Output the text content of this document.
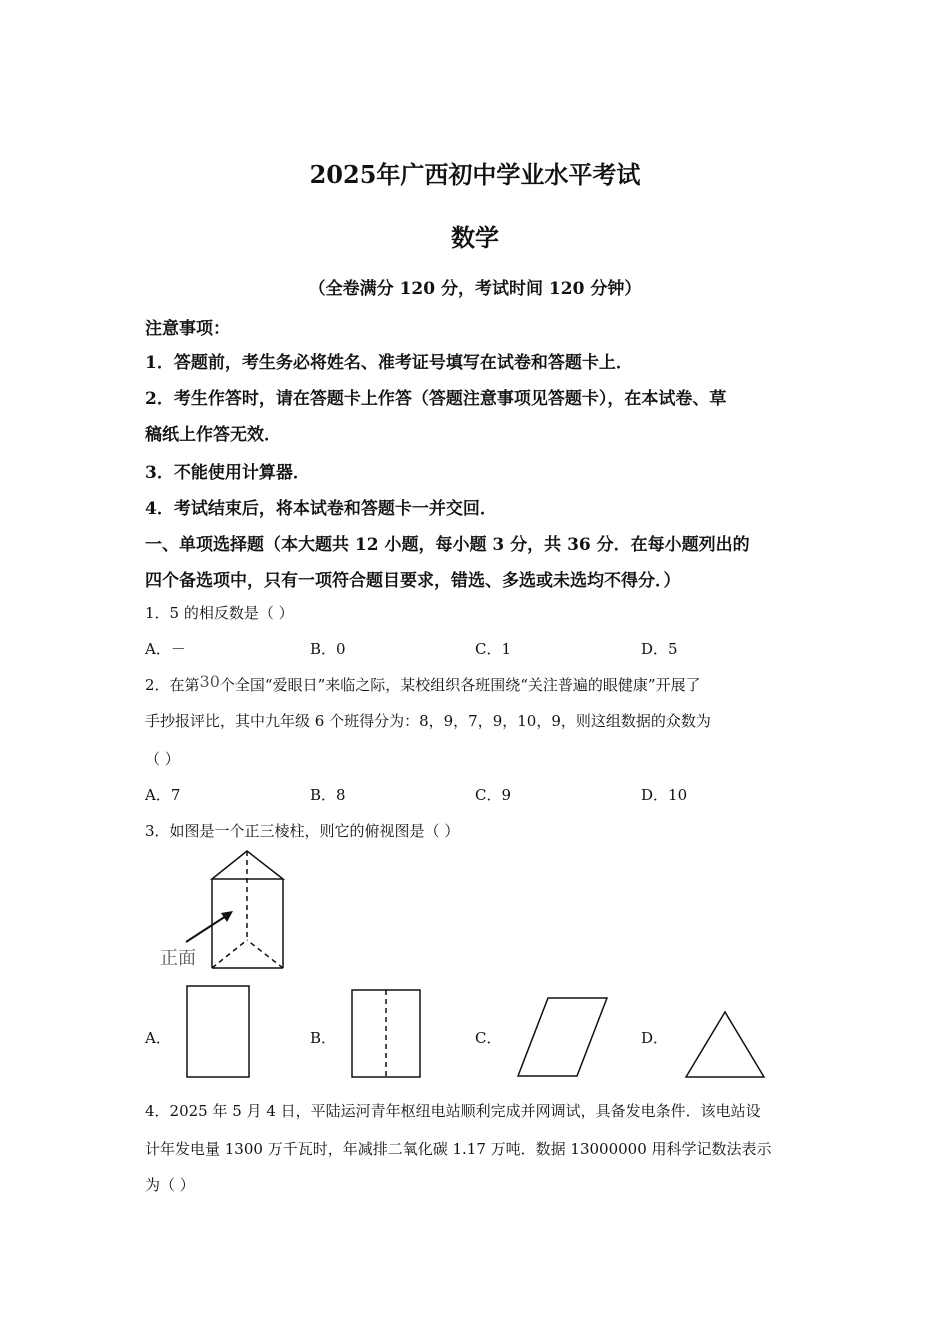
2025年广西初中学业水平考试
数学
（全卷满分 120 分，考试时间 120 分钟）
注意事项：
1．答题前，考生务必将姓名、准考证号填写在试卷和答题卡上．
2．考生作答时，请在答题卡上作答（答题注意事项见答题卡），在本试卷、草
稿纸上作答无效．
3．不能使用计算器．
4．考试结束后，将本试卷和答题卡一并交回．
一、单项选择题（本大题共 12 小题，每小题 3 分，共 36 分．在每小题列出的
四个备选项中，只有一项符合题目要求，错选、多选或未选均不得分．）
1．5 的相反数是（ ）
A．－	B．0	C．1	D．5
2．在第30个全国“爱眼日”来临之际，某校组织各班围绕“关注普遍的眼健康”开展了
手抄报评比，其中九年级 6 个班得分为：8，9，7，9，10，9，则这组数据的众数为
（ ）
A．7	B．8	C．9	D．10
3．如图是一个正三棱柱，则它的俯视图是（ ）
正面
A．	B．	C．	D．
4．2025 年 5 月 4 日，平陆运河青年枢纽电站顺利完成并网调试，具备发电条件．该电站设
计年发电量 1300 万千瓦时，年减排二氧化碳 1.17 万吨．数据 13000000 用科学记数法表示
为（ ）
